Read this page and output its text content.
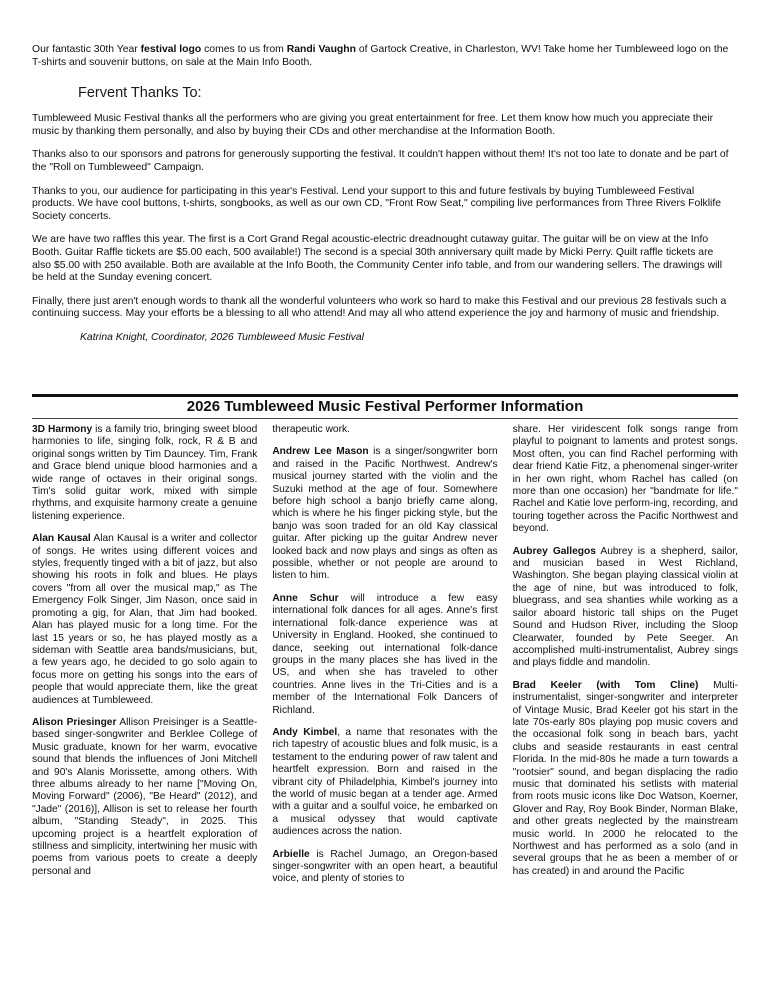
Our fantastic 30th Year festival logo comes to us from Randi Vaughn of Gartock Creative, in Charleston, WV! Take home her Tumbleweed logo on the T-shirts and souvenir buttons, on sale at the Main Info Booth.

Fervent Thanks To:

Tumbleweed Music Festival thanks all the performers who are giving you great entertainment for free. Let them know how much you appreciate their music by thanking them personally, and also by buying their CDs and other merchandise at the Information Booth.

Thanks also to our sponsors and patrons for generously supporting the festival. It couldn't happen without them! It's not too late to donate and be part of the "Roll on Tumbleweed" Campaign.

Thanks to you, our audience for participating in this year's Festival. Lend your support to this and future festivals by buying Tumbleweed Festival products. We have cool buttons, t-shirts, songbooks, as well as our own CD, "Front Row Seat," compiling live performances from Three Rivers Folklife Society concerts.

We are have two raffles this year. The first is a Cort Grand Regal acoustic-electric dreadnought cutaway guitar. The guitar will be on view at the Info Booth. Guitar Raffle tickets are $5.00 each, 500 available!) The second is a special 30th anniversary quilt made by Micki Perry. Quilt raffle tickets are also $5.00 with 250 available. Both are available at the Info Booth, the Community Center info table, and from our wandering sellers. The drawings will be held at the Sunday evening concert.

Finally, there just aren't enough words to thank all the wonderful volunteers who work so hard to make this Festival and our previous 28 festivals such a continuing success. May your efforts be a blessing to all who attend! And may all who attend experience the joy and harmony of music and friendship.

Katrina Knight, Coordinator, 2026 Tumbleweed Music Festival
2026 Tumbleweed Music Festival Performer Information

3D Harmony is a family trio, bringing sweet blood harmonies to life, singing folk, rock, R & B and original songs written by Tim Dauncey. Tim, Frank and Grace blend unique blood harmonies and a wide range of octaves in their original songs. Tim's solid guitar work, mixed with simple rhythms, and exquisite harmony create a genuine listening experience.

Alan Kausal Alan Kausal is a writer and collector of songs. He writes using different voices and styles, frequently tinged with a bit of jazz, but also showing his roots in folk and blues. He plays covers "from all over the musical map," as The Emergency Folk Singer, Jim Nason, once said in promoting a gig, for Alan, that Jim had booked. Alan has played music for a long time. For the last 15 years or so, he has played mostly as a sideman with Seattle area bands/musicians, but, a few years ago, he decided to go solo again to focus more on getting his songs into the ears of people that would appreciate them, like the great audiences at Tumbleweed.

Alison Priesinger Allison Preisinger is a Seattle-based singer-songwriter and Berklee College of Music graduate, known for her warm, evocative sound that blends the influences of Joni Mitchell and 90's Alanis Morissette, among others. With three albums already to her name ["Moving On, Moving Forward" (2006), "Be Heard" (2012), and "Jade" (2016)], Allison is set to release her fourth album, "Standing Steady", in 2025. This upcoming project is a heartfelt exploration of stillness and simplicity, intertwining her music with poems from various poets to create a deeply personal and

therapeutic work.

Andrew Lee Mason is a singer/songwriter born and raised in the Pacific Northwest. Andrew's musical journey started with the violin and the Suzuki method at the age of four. Somewhere before high school a banjo briefly came along, which is where he his finger picking style, but the banjo was soon traded for an old Kay classical guitar. After picking up the guitar Andrew never looked back and now plays and sings as often as possible, whether or not people are around to listen to him.

Anne Schur will introduce a few easy international folk dances for all ages. Anne's first international folk-dance experience was at University in England. Hooked, she continued to dance, seeking out international folk-dance groups in the many places she has lived in the US, and when she has traveled to other countries. Anne lives in the Tri-Cities and is a member of the International Folk Dancers of Richland.

Andy Kimbel, a name that resonates with the rich tapestry of acoustic blues and folk music, is a testament to the enduring power of raw talent and heartfelt expression. Born and raised in the vibrant city of Philadelphia, Kimbel's journey into the world of music began at a tender age. Armed with a guitar and a soulful voice, he embarked on a musical odyssey that would captivate audiences across the nation.

Arbielle is Rachel Jumago, an Oregon-based singer-songwriter with an open heart, a beautiful voice, and plenty of stories to

share. Her viridescent folk songs range from playful to poignant to laments and protest songs. Most often, you can find Rachel performing with dear friend Katie Fitz, a phenomenal singer-writer in her own right, whom Rachel has called (on more than one occasion) her "bandmate for life." Rachel and Katie love perform-ing, recording, and touring together across the Pacific Northwest and beyond.

Aubrey Gallegos Aubrey is a shepherd, sailor, and musician based in West Richland, Washington. She began playing classical violin at the age of nine, but was introduced to folk, bluegrass, and sea shanties while working as a sailor aboard historic tall ships on the Puget Sound and Hudson River, including the Sloop Clearwater, founded by Pete Seeger. An accomplished multi-instrumentalist, Aubrey sings and plays fiddle and mandolin.

Brad Keeler (with Tom Cline) Multi-instrumentalist, singer-songwriter and interpreter of Vintage Music, Brad Keeler got his start in the late 70s-early 80s playing pop music covers and the occasional folk song in beach bars, yacht clubs and seaside restaurants in east central Florida. In the mid-80s he made a turn towards a "rootsier" sound, and began displacing the radio music that dominated his setlists with material from roots music icons like Doc Watson, Koerner, Glover and Ray, Roy Book Binder, Norman Blake, and other greats neglected by the mainstream music world. In 2000 he relocated to the Northwest and has performed as a solo (and in several groups that he as been a member of or has created) in and around the Pacific
